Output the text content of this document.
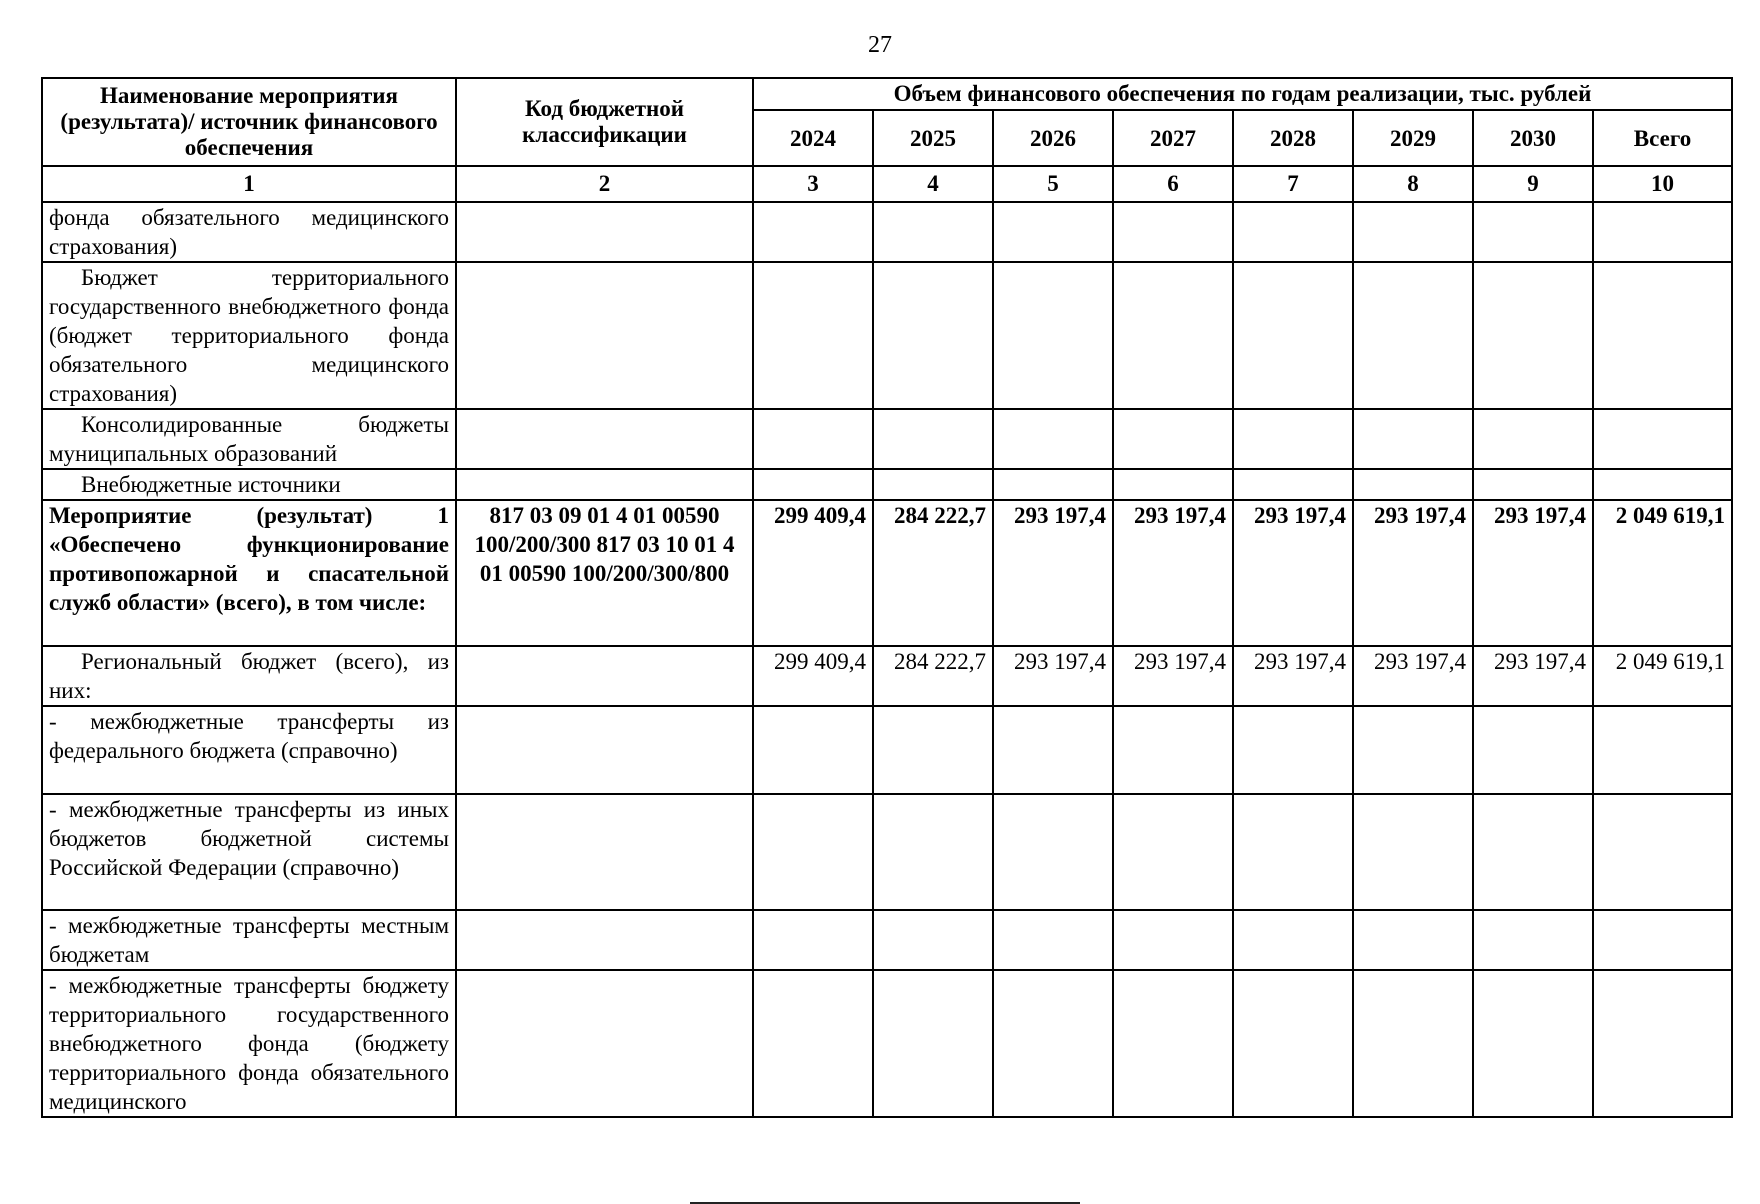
27
Наименование мероприятия (результата)/ источник финансового обеспечения	Код бюджетной классификации	Объем финансового обеспечения по годам реализации, тыс. рублей							
		2024	2025	2026	2027	2028	2029	2030	Всего
1	2	3	4	5	6	7	8	9	10
фонда обязательного медицинского страхования)									
Бюджет территориального государственного внебюджетного фонда (бюджет территориального фонда обязательного медицинского страхования)									
Консолидированные бюджеты муниципальных образований									
Внебюджетные источники									
Мероприятие (результат) 1 «Обеспечено функционирование противопожарной и спасательной служб области» (всего), в том числе:	817 03 09 01 4 01 00590 100/200/300 817 03 10 01 4 01 00590 100/200/300/800	299 409,4	284 222,7	293 197,4	293 197,4	293 197,4	293 197,4	293 197,4	2 049 619,1
Региональный бюджет (всего), из них:		299 409,4	284 222,7	293 197,4	293 197,4	293 197,4	293 197,4	293 197,4	2 049 619,1
- межбюджетные трансферты из федерального бюджета (справочно)									
- межбюджетные трансферты из иных бюджетов бюджетной системы Российской Федерации (справочно)									
- межбюджетные трансферты местным бюджетам									
- межбюджетные трансферты бюджету территориального государственного внебюджетного фонда (бюджету территориального фонда обязательного медицинского									
